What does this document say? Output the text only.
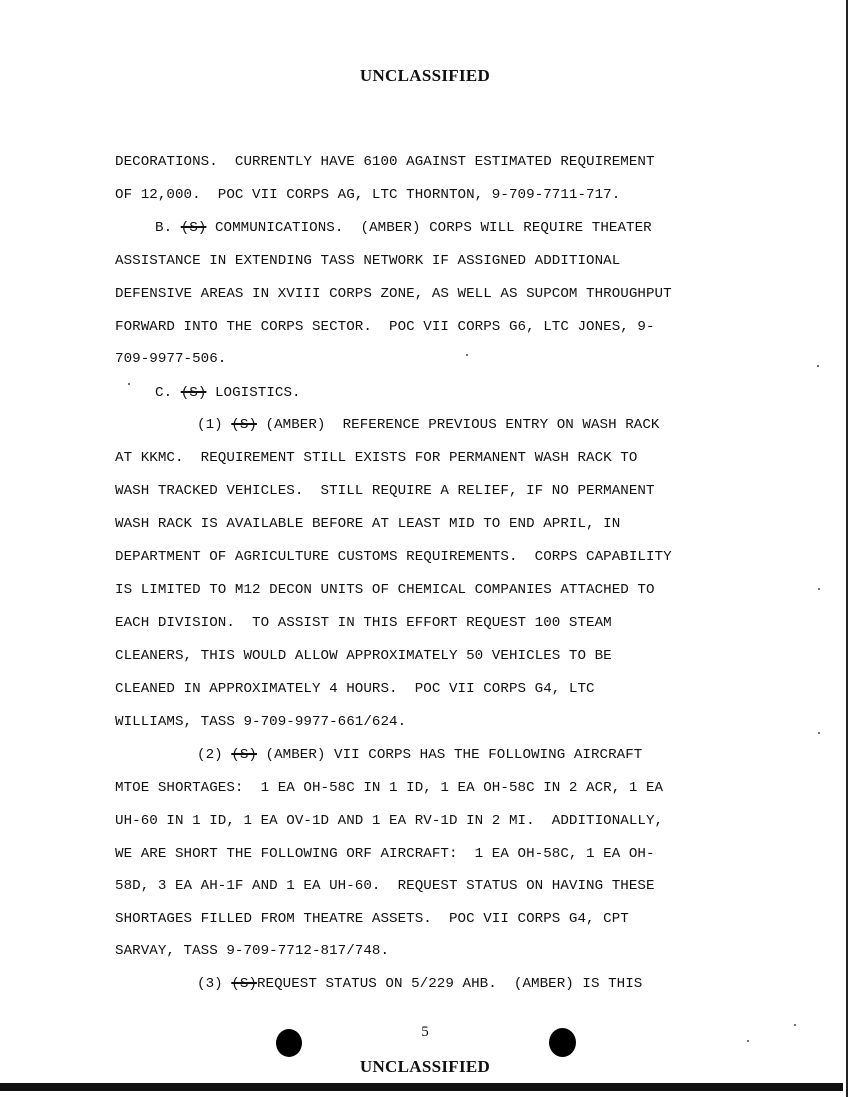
UNCLASSIFIED
DECORATIONS.  CURRENTLY HAVE 6100 AGAINST ESTIMATED REQUIREMENT
OF 12,000.  POC VII CORPS AG, LTC THORNTON, 9-709-7711-717.
B. (S) COMMUNICATIONS.  (AMBER) CORPS WILL REQUIRE THEATER
ASSISTANCE IN EXTENDING TASS NETWORK IF ASSIGNED ADDITIONAL
DEFENSIVE AREAS IN XVIII CORPS ZONE, AS WELL AS SUPCOM THROUGHPUT
FORWARD INTO THE CORPS SECTOR.  POC VII CORPS G6, LTC JONES, 9-
709-9977-506.
C. (S) LOGISTICS.
(1) (S) (AMBER)  REFERENCE PREVIOUS ENTRY ON WASH RACK
AT KKMC.  REQUIREMENT STILL EXISTS FOR PERMANENT WASH RACK TO
WASH TRACKED VEHICLES.  STILL REQUIRE A RELIEF, IF NO PERMANENT
WASH RACK IS AVAILABLE BEFORE AT LEAST MID TO END APRIL, IN
DEPARTMENT OF AGRICULTURE CUSTOMS REQUIREMENTS.  CORPS CAPABILITY
IS LIMITED TO M12 DECON UNITS OF CHEMICAL COMPANIES ATTACHED TO
EACH DIVISION.  TO ASSIST IN THIS EFFORT REQUEST 100 STEAM
CLEANERS, THIS WOULD ALLOW APPROXIMATELY 50 VEHICLES TO BE
CLEANED IN APPROXIMATELY 4 HOURS.  POC VII CORPS G4, LTC
WILLIAMS, TASS 9-709-9977-661/624.
(2) (S) (AMBER) VII CORPS HAS THE FOLLOWING AIRCRAFT
MTOE SHORTAGES:  1 EA OH-58C IN 1 ID, 1 EA OH-58C IN 2 ACR, 1 EA
UH-60 IN 1 ID, 1 EA OV-1D AND 1 EA RV-1D IN 2 MI.  ADDITIONALLY,
WE ARE SHORT THE FOLLOWING ORF AIRCRAFT:  1 EA OH-58C, 1 EA OH-
58D, 3 EA AH-1F AND 1 EA UH-60.  REQUEST STATUS ON HAVING THESE
SHORTAGES FILLED FROM THEATRE ASSETS.  POC VII CORPS G4, CPT
SARVAY, TASS 9-709-7712-817/748.
(3) (S)REQUEST STATUS ON 5/229 AHB.  (AMBER) IS THIS
5
UNCLASSIFIED
